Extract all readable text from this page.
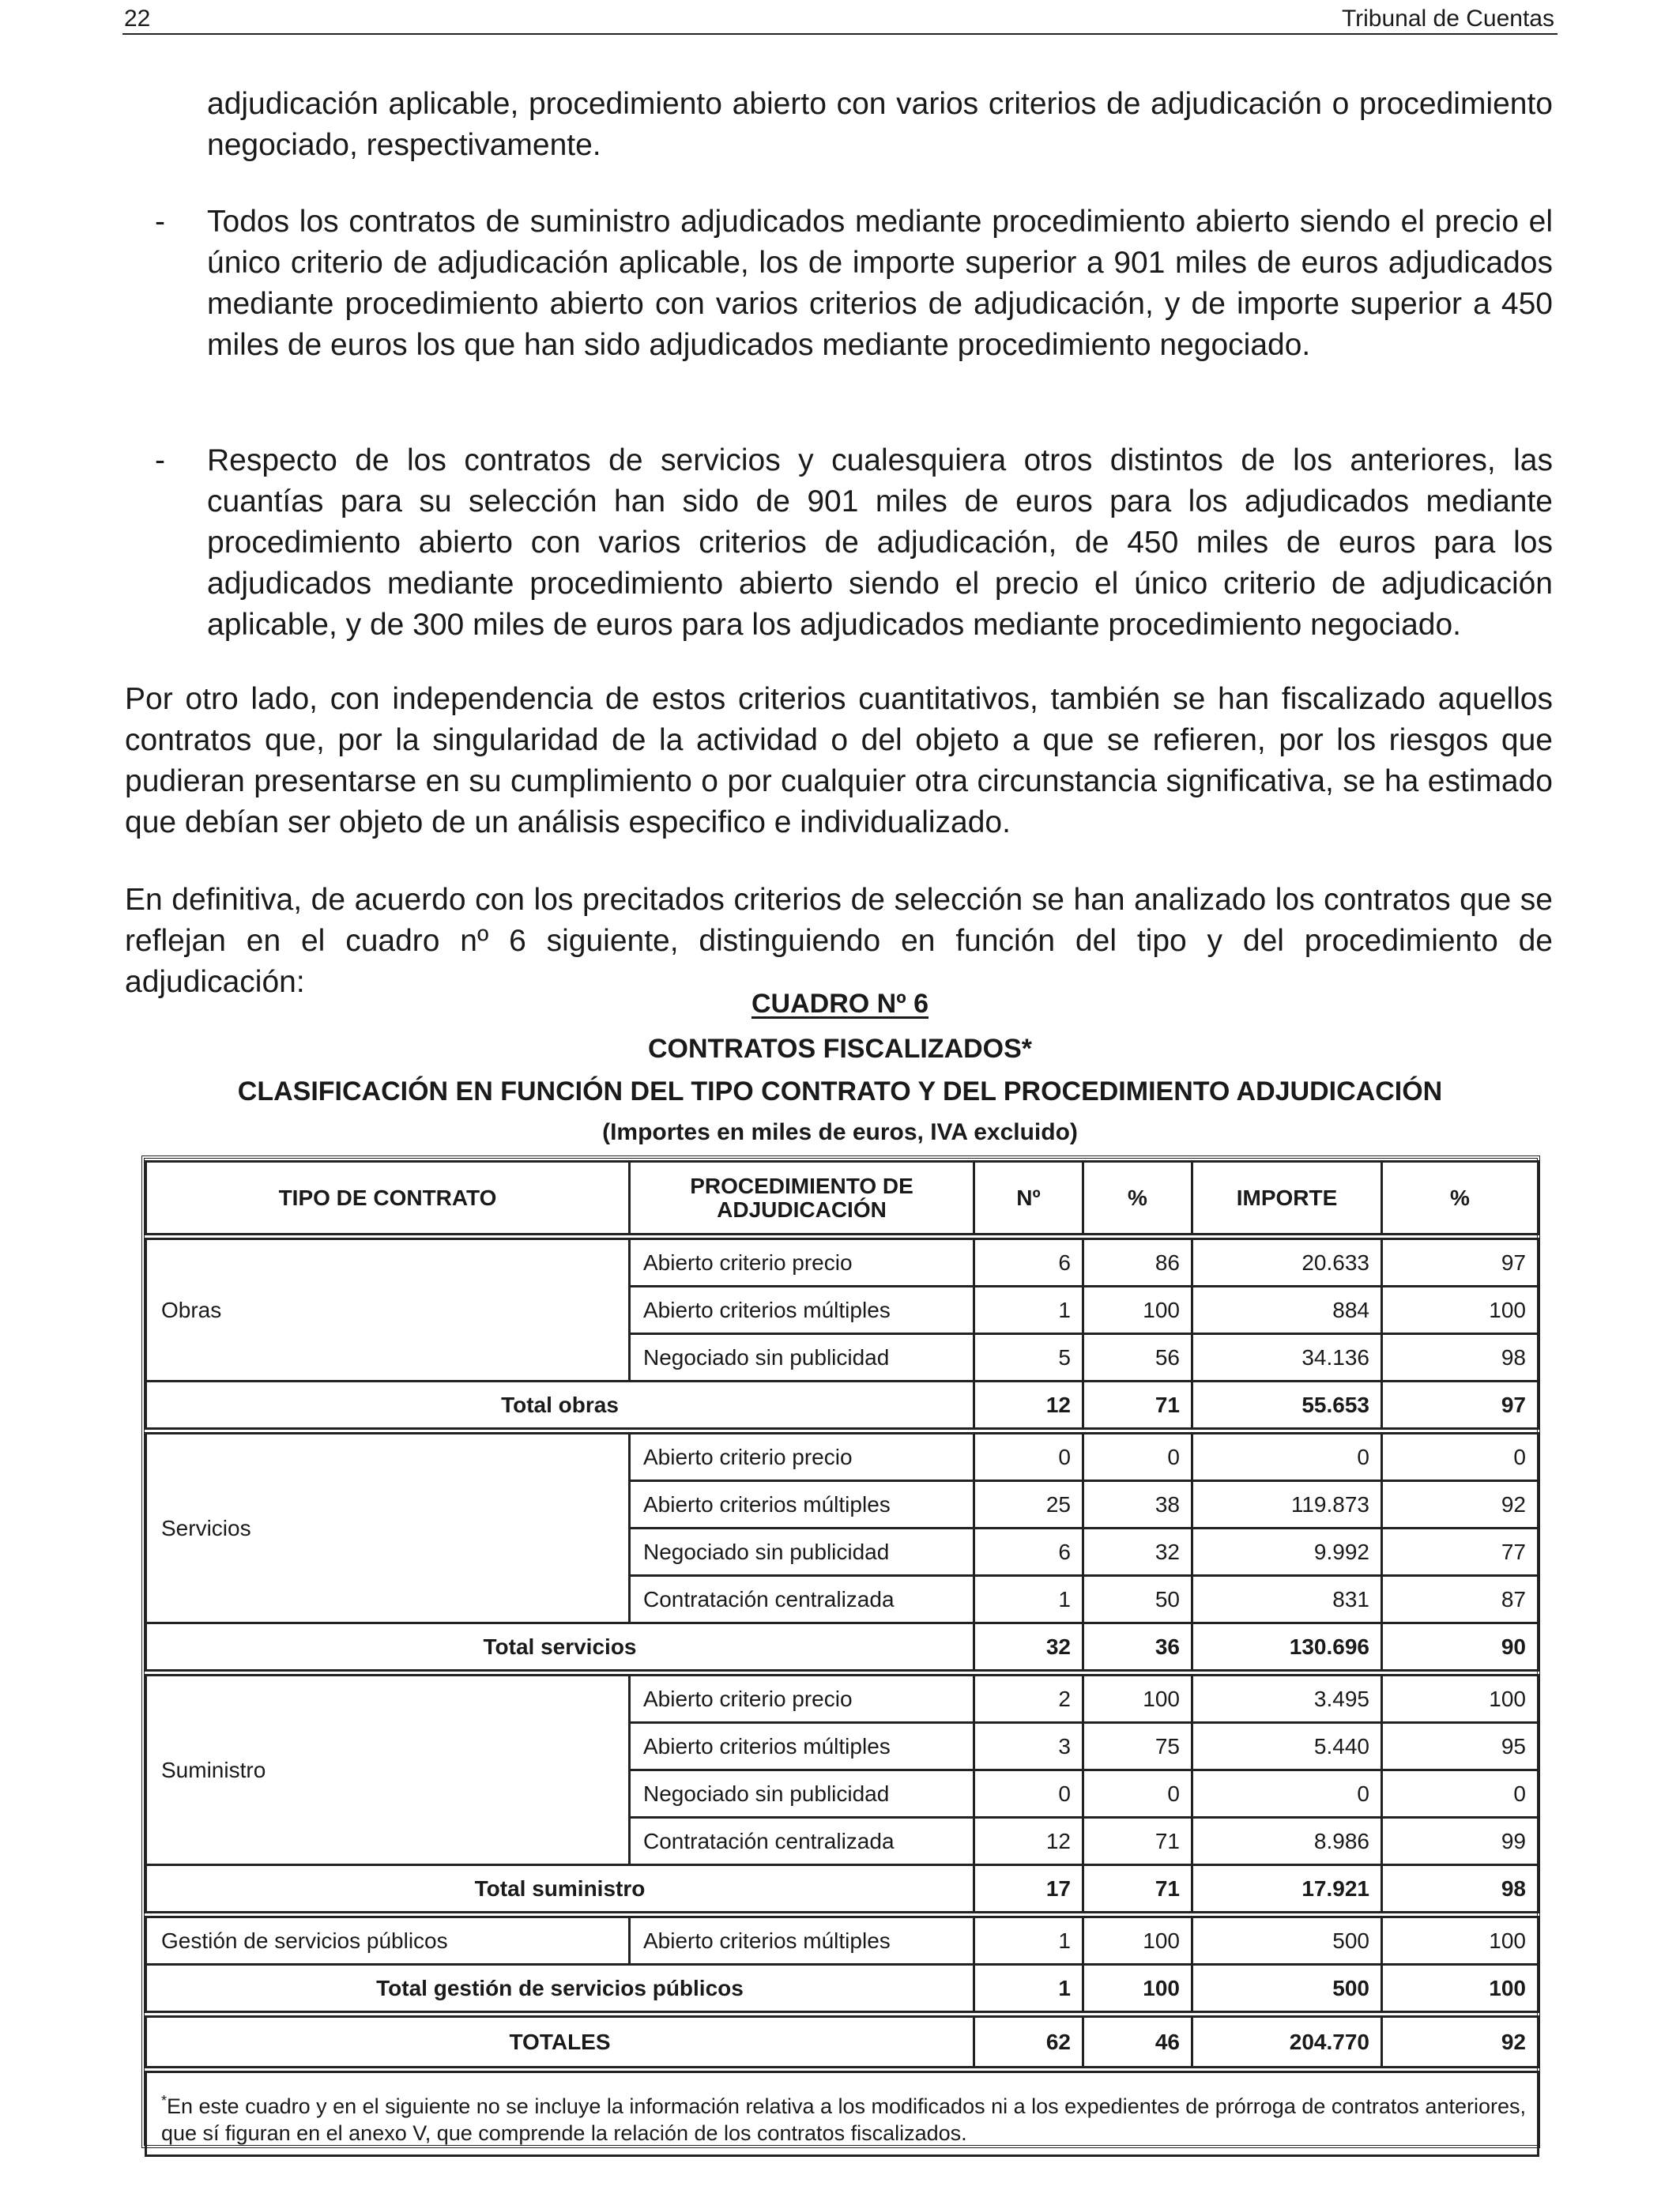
22	Tribunal de Cuentas
adjudicación aplicable, procedimiento abierto con varios criterios de adjudicación o procedimiento negociado, respectivamente.
- Todos los contratos de suministro adjudicados mediante procedimiento abierto siendo el precio el único criterio de adjudicación aplicable, los de importe superior a 901 miles de euros adjudicados mediante procedimiento abierto con varios criterios de adjudicación, y de importe superior a 450 miles de euros los que han sido adjudicados mediante procedimiento negociado.
- Respecto de los contratos de servicios y cualesquiera otros distintos de los anteriores, las cuantías para su selección han sido de 901 miles de euros para los adjudicados mediante procedimiento abierto con varios criterios de adjudicación, de 450 miles de euros para los adjudicados mediante procedimiento abierto siendo el precio el único criterio de adjudicación aplicable, y de 300 miles de euros para los adjudicados mediante procedimiento negociado.
Por otro lado, con independencia de estos criterios cuantitativos, también se han fiscalizado aquellos contratos que, por la singularidad de la actividad o del objeto a que se refieren, por los riesgos que pudieran presentarse en su cumplimiento o por cualquier otra circunstancia significativa, se ha estimado que debían ser objeto de un análisis especifico e individualizado.
En definitiva, de acuerdo con los precitados criterios de selección se han analizado los contratos que se reflejan en el cuadro nº 6 siguiente, distinguiendo en función del tipo y del procedimiento de adjudicación:
CUADRO Nº 6
CONTRATOS FISCALIZADOS*
CLASIFICACIÓN EN FUNCIÓN DEL TIPO CONTRATO Y DEL PROCEDIMIENTO ADJUDICACIÓN
(Importes en miles de euros, IVA excluido)
TIPO DE CONTRATO	PROCEDIMIENTO DE ADJUDICACIÓN	Nº	%	IMPORTE	%

Obras	Abierto criterio precio	6	86	20.633	97
	Abierto criterios múltiples	1	100	884	100
	Negociado sin publicidad	5	56	34.136	98
Total obras		12	71	55.653	97

Servicios	Abierto criterio precio	0	0	0	0
	Abierto criterios múltiples	25	38	119.873	92
	Negociado sin publicidad	6	32	9.992	77
	Contratación centralizada	1	50	831	87
Total servicios		32	36	130.696	90

Suministro	Abierto criterio precio	2	100	3.495	100
	Abierto criterios múltiples	3	75	5.440	95
	Negociado sin publicidad	0	0	0	0
	Contratación centralizada	12	71	8.986	99
Total suministro		17	71	17.921	98

Gestión de servicios públicos	Abierto criterios múltiples	1	100	500	100
Total gestión de servicios públicos		1	100	500	100

TOTALES		62	46	204.770	92

*En este cuadro y en el siguiente no se incluye la información relativa a los modificados ni a los expedientes de prórroga de contratos anteriores, que sí figuran en el anexo V, que comprende la relación de los contratos fiscalizados.					
